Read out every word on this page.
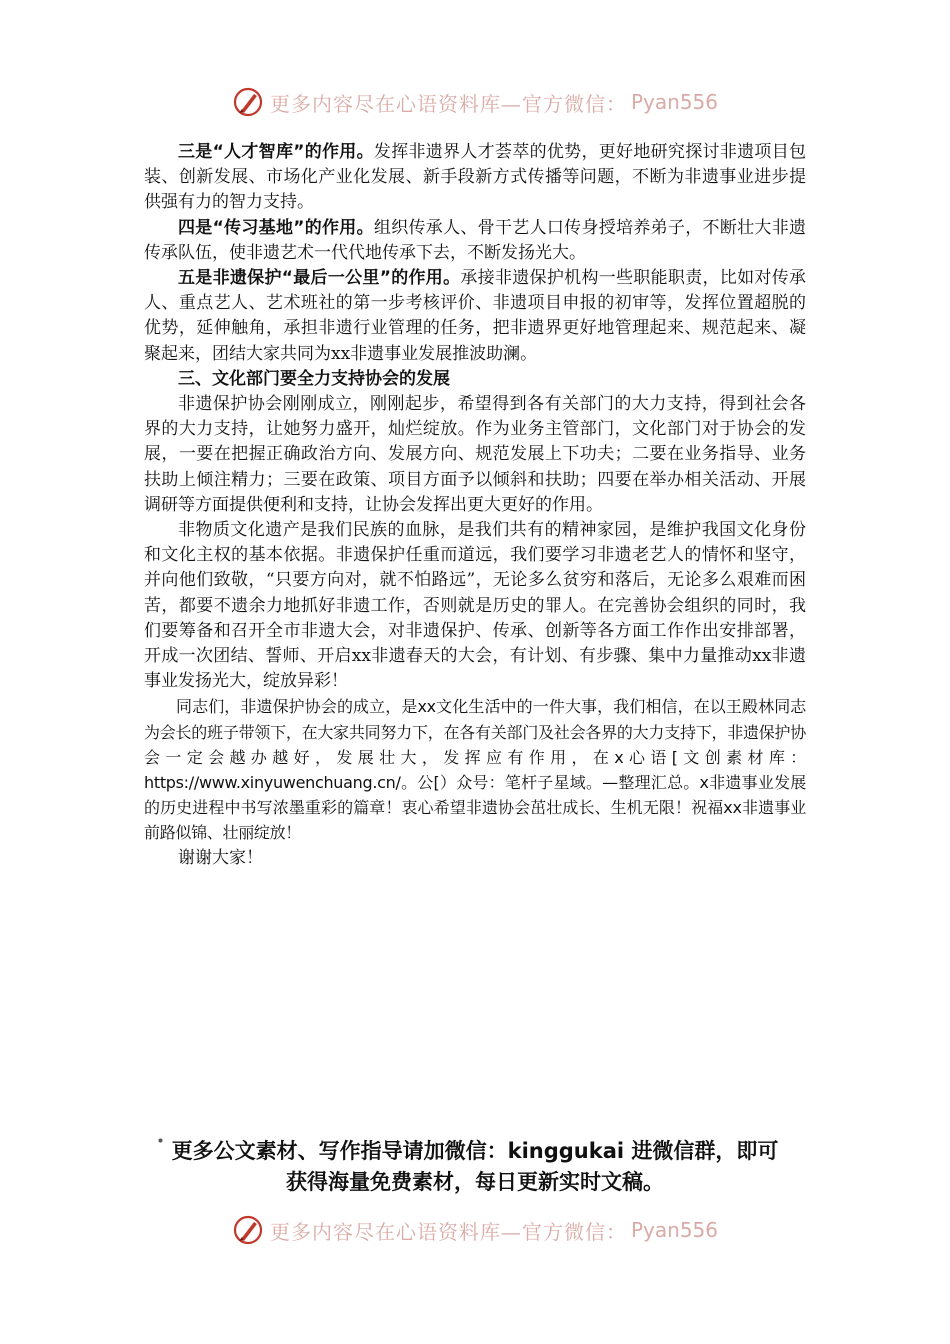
更多内容尽在心语资料库—官方微信： Pyan556

三是“人才智库”的作用。发挥非遗界人才荟萃的优势，更好地研究探讨非遗项目包装、创新发展、市场化产业化发展、新手段新方式传播等问题，不断为非遗事业进步提供强有力的智力支持。

四是“传习基地”的作用。组织传承人、骨干艺人口传身授培养弟子，不断壮大非遗传承队伍，使非遗艺术一代代地传承下去，不断发扬光大。

五是非遗保护“最后一公里”的作用。承接非遗保护机构一些职能职责，比如对传承人、重点艺人、艺术班社的第一步考核评价、非遗项目申报的初审等，发挥位置超脱的优势，延伸触角，承担非遗行业管理的任务，把非遗界更好地管理起来、规范起来、凝聚起来，团结大家共同为xx非遗事业发展推波助澜。

三、文化部门要全力支持协会的发展

非遗保护协会刚刚成立，刚刚起步，希望得到各有关部门的大力支持，得到社会各界的大力支持，让她努力盛开，灿烂绽放。作为业务主管部门，文化部门对于协会的发展，一要在把握正确政治方向、发展方向、规范发展上下功夫；二要在业务指导、业务扶助上倾注精力；三要在政策、项目方面予以倾斜和扶助；四要在举办相关活动、开展调研等方面提供便利和支持，让协会发挥出更大更好的作用。

非物质文化遗产是我们民族的血脉，是我们共有的精神家园，是维护我国文化身份和文化主权的基本依据。非遗保护任重而道远，我们要学习非遗老艺人的情怀和坚守，并向他们致敬，“只要方向对，就不怕路远”，无论多么贫穷和落后，无论多么艰难而困苦，都要不遗余力地抓好非遗工作，否则就是历史的罪人。在完善协会组织的同时，我们要筹备和召开全市非遗大会，对非遗保护、传承、创新等各方面工作作出安排部署，开成一次团结、誓师、开启xx非遗春天的大会，有计划、有步骤、集中力量推动xx非遗事业发扬光大，绽放异彩！

同志们，非遗保护协会的成立，是xx文化生活中的一件大事，我们相信，在以王殿林同志为会长的班子带领下，在大家共同努力下，在各有关部门及社会各界的大力支持下，非遗保护协会一定会越办越好，发展壮大，发挥应有作用，在x心语[文创素材库：https://www.xinyuwenchuang.cn/。公[）众号：笔杆子星域。—整理汇总。x非遗事业发展的历史进程中书写浓墨重彩的篇章！衷心希望非遗协会茁壮成长、生机无限！祝福xx非遗事业前路似锦、壮丽绽放！

谢谢大家！

更多公文素材、写作指导请加微信：kinggukai 进微信群，即可
获得海量免费素材，每日更新实时文稿。
更多内容尽在心语资料库—官方微信： Pyan556
